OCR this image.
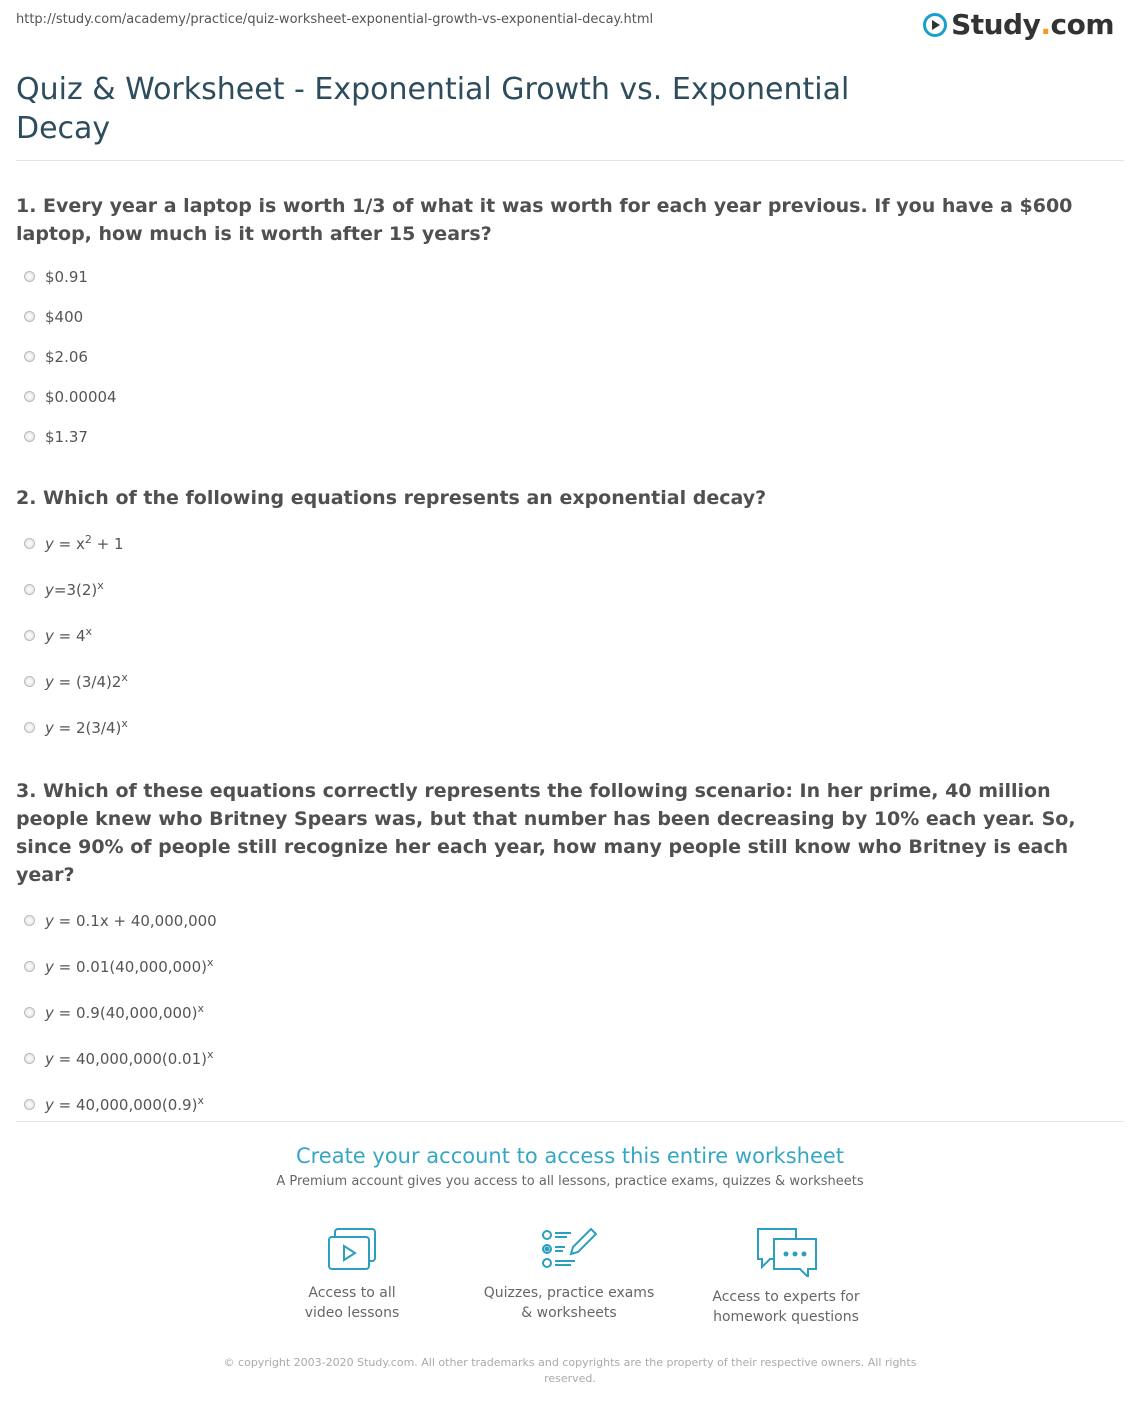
http://study.com/academy/practice/quiz-worksheet-exponential-growth-vs-exponential-decay.html	Study . com
Quiz & Worksheet - Exponential Growth vs. Exponential Decay

1. Every year a laptop is worth 1/3 of what it was worth for each year previous. If you have a $600 laptop, how much is it worth after 15 years?

$0.91
$400
$2.06
$0.00004
$1.37

2. Which of the following equations represents an exponential decay?

$y = x^2 + 1$
$y=3(2)^x$
$y = 4^x$
$y = (3/4)2^x$
$y = 2(3/4)^x$

3. Which of these equations correctly represents the following scenario: In her prime, 40 million people knew who Britney Spears was, but that number has been decreasing by 10% each year. So, since 90% of people still recognize her each year, how many people still know who Britney is each year?

y = 0.1x + 40,000,000
$y = 0.01(40,000,000)^x$
$y = 0.9(40,000,000)^x$
$y = 40,000,000(0.01)^x$
$y = 40,000,000(0.9)^x$
Create your account to access this entire worksheet

A Premium account gives you access to all lessons, practice exams, quizzes & worksheets

Access to all
video lessons
Quizzes, practice exams
& worksheets
Access to experts for
homework questions
© copyright 2003-2020 Study.com. All other trademarks and copyrights are the property of their respective owners. All rights reserved.
